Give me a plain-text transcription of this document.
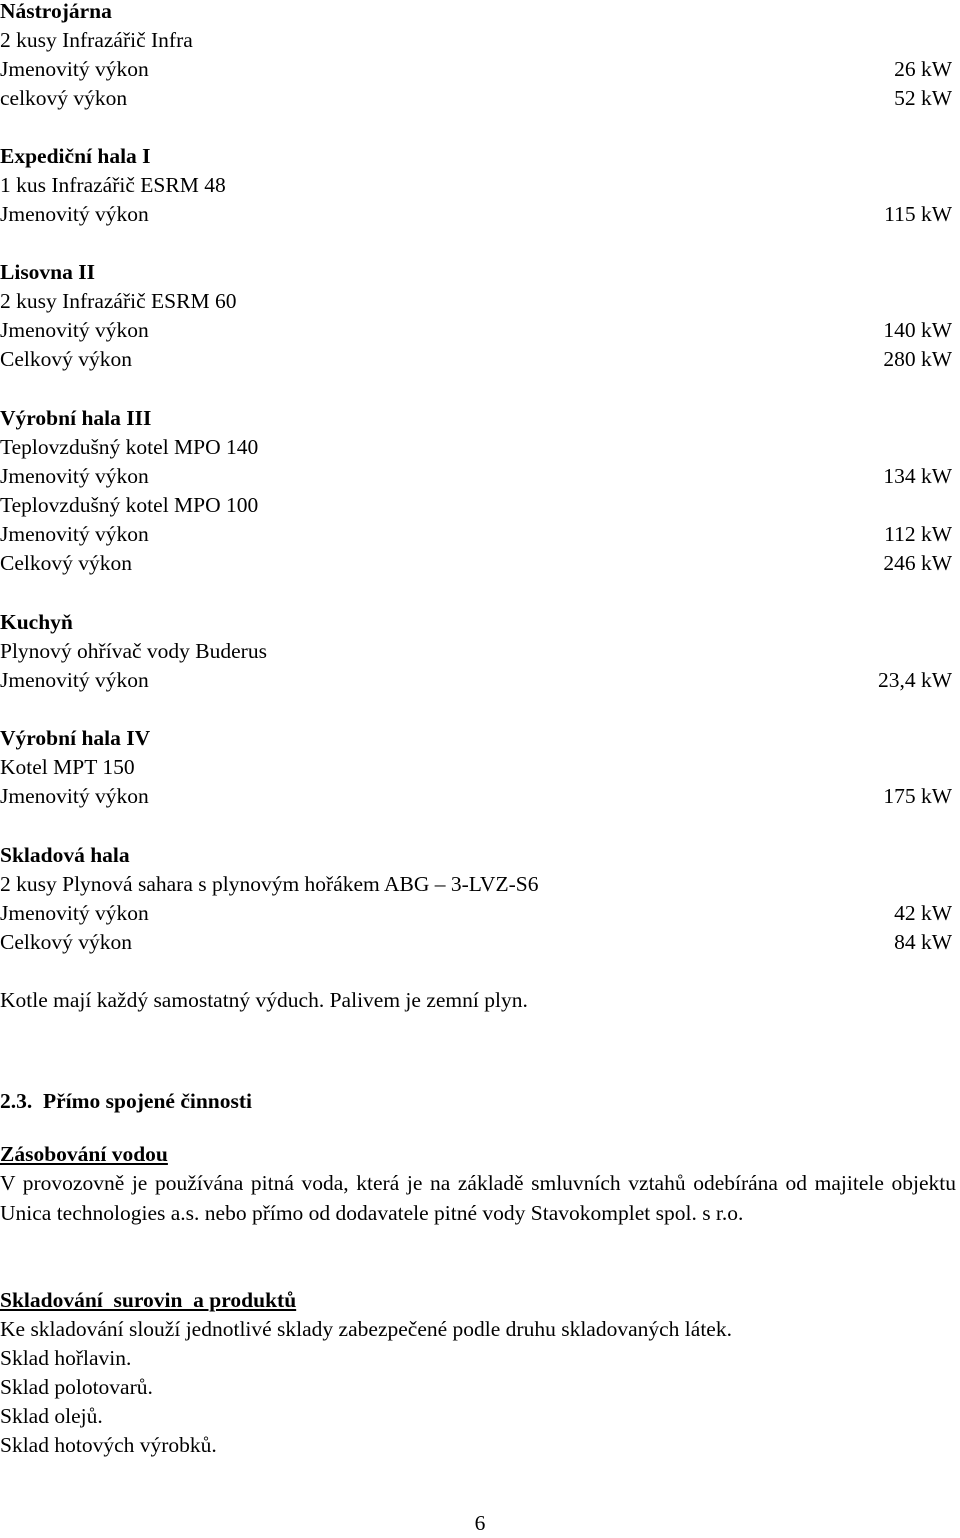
Nástrojárna
2 kusy Infrazářič Infra
Jmenovitý výkon	26 kW
celkový výkon	52 kW
Expediční hala I
1 kus Infrazářič ESRM 48
Jmenovitý výkon	115 kW
Lisovna II
2 kusy Infrazářič ESRM 60
Jmenovitý výkon	140 kW
Celkový výkon	280 kW
Výrobní hala III
Teplovzdušný kotel MPO 140
Jmenovitý výkon	134 kW
Teplovzdušný kotel MPO 100
Jmenovitý výkon	112 kW
Celkový výkon	246 kW
Kuchyň
Plynový ohřívač vody Buderus
Jmenovitý výkon	23,4 kW
Výrobní hala IV
Kotel MPT 150
Jmenovitý výkon	175 kW
Skladová hala
2 kusy Plynová sahara s plynovým hořákem ABG – 3-LVZ-S6
Jmenovitý výkon	42 kW
Celkový výkon	84 kW
Kotle mají každý samostatný výduch. Palivem je zemní plyn.
2.3. Přímo spojené činnosti
Zásobování vodou
V provozovně je používána pitná voda, která je na základě smluvních vztahů odebírána od majitele objektu Unica technologies a.s. nebo přímo od dodavatele pitné vody Stavokomplet spol. s r.o.
Skladování  surovin  a produktů
Ke skladování slouží jednotlivé sklady zabezpečené podle druhu skladovaných látek.
Sklad hořlavin.
Sklad polotovarů.
Sklad olejů.
Sklad hotových výrobků.
6
